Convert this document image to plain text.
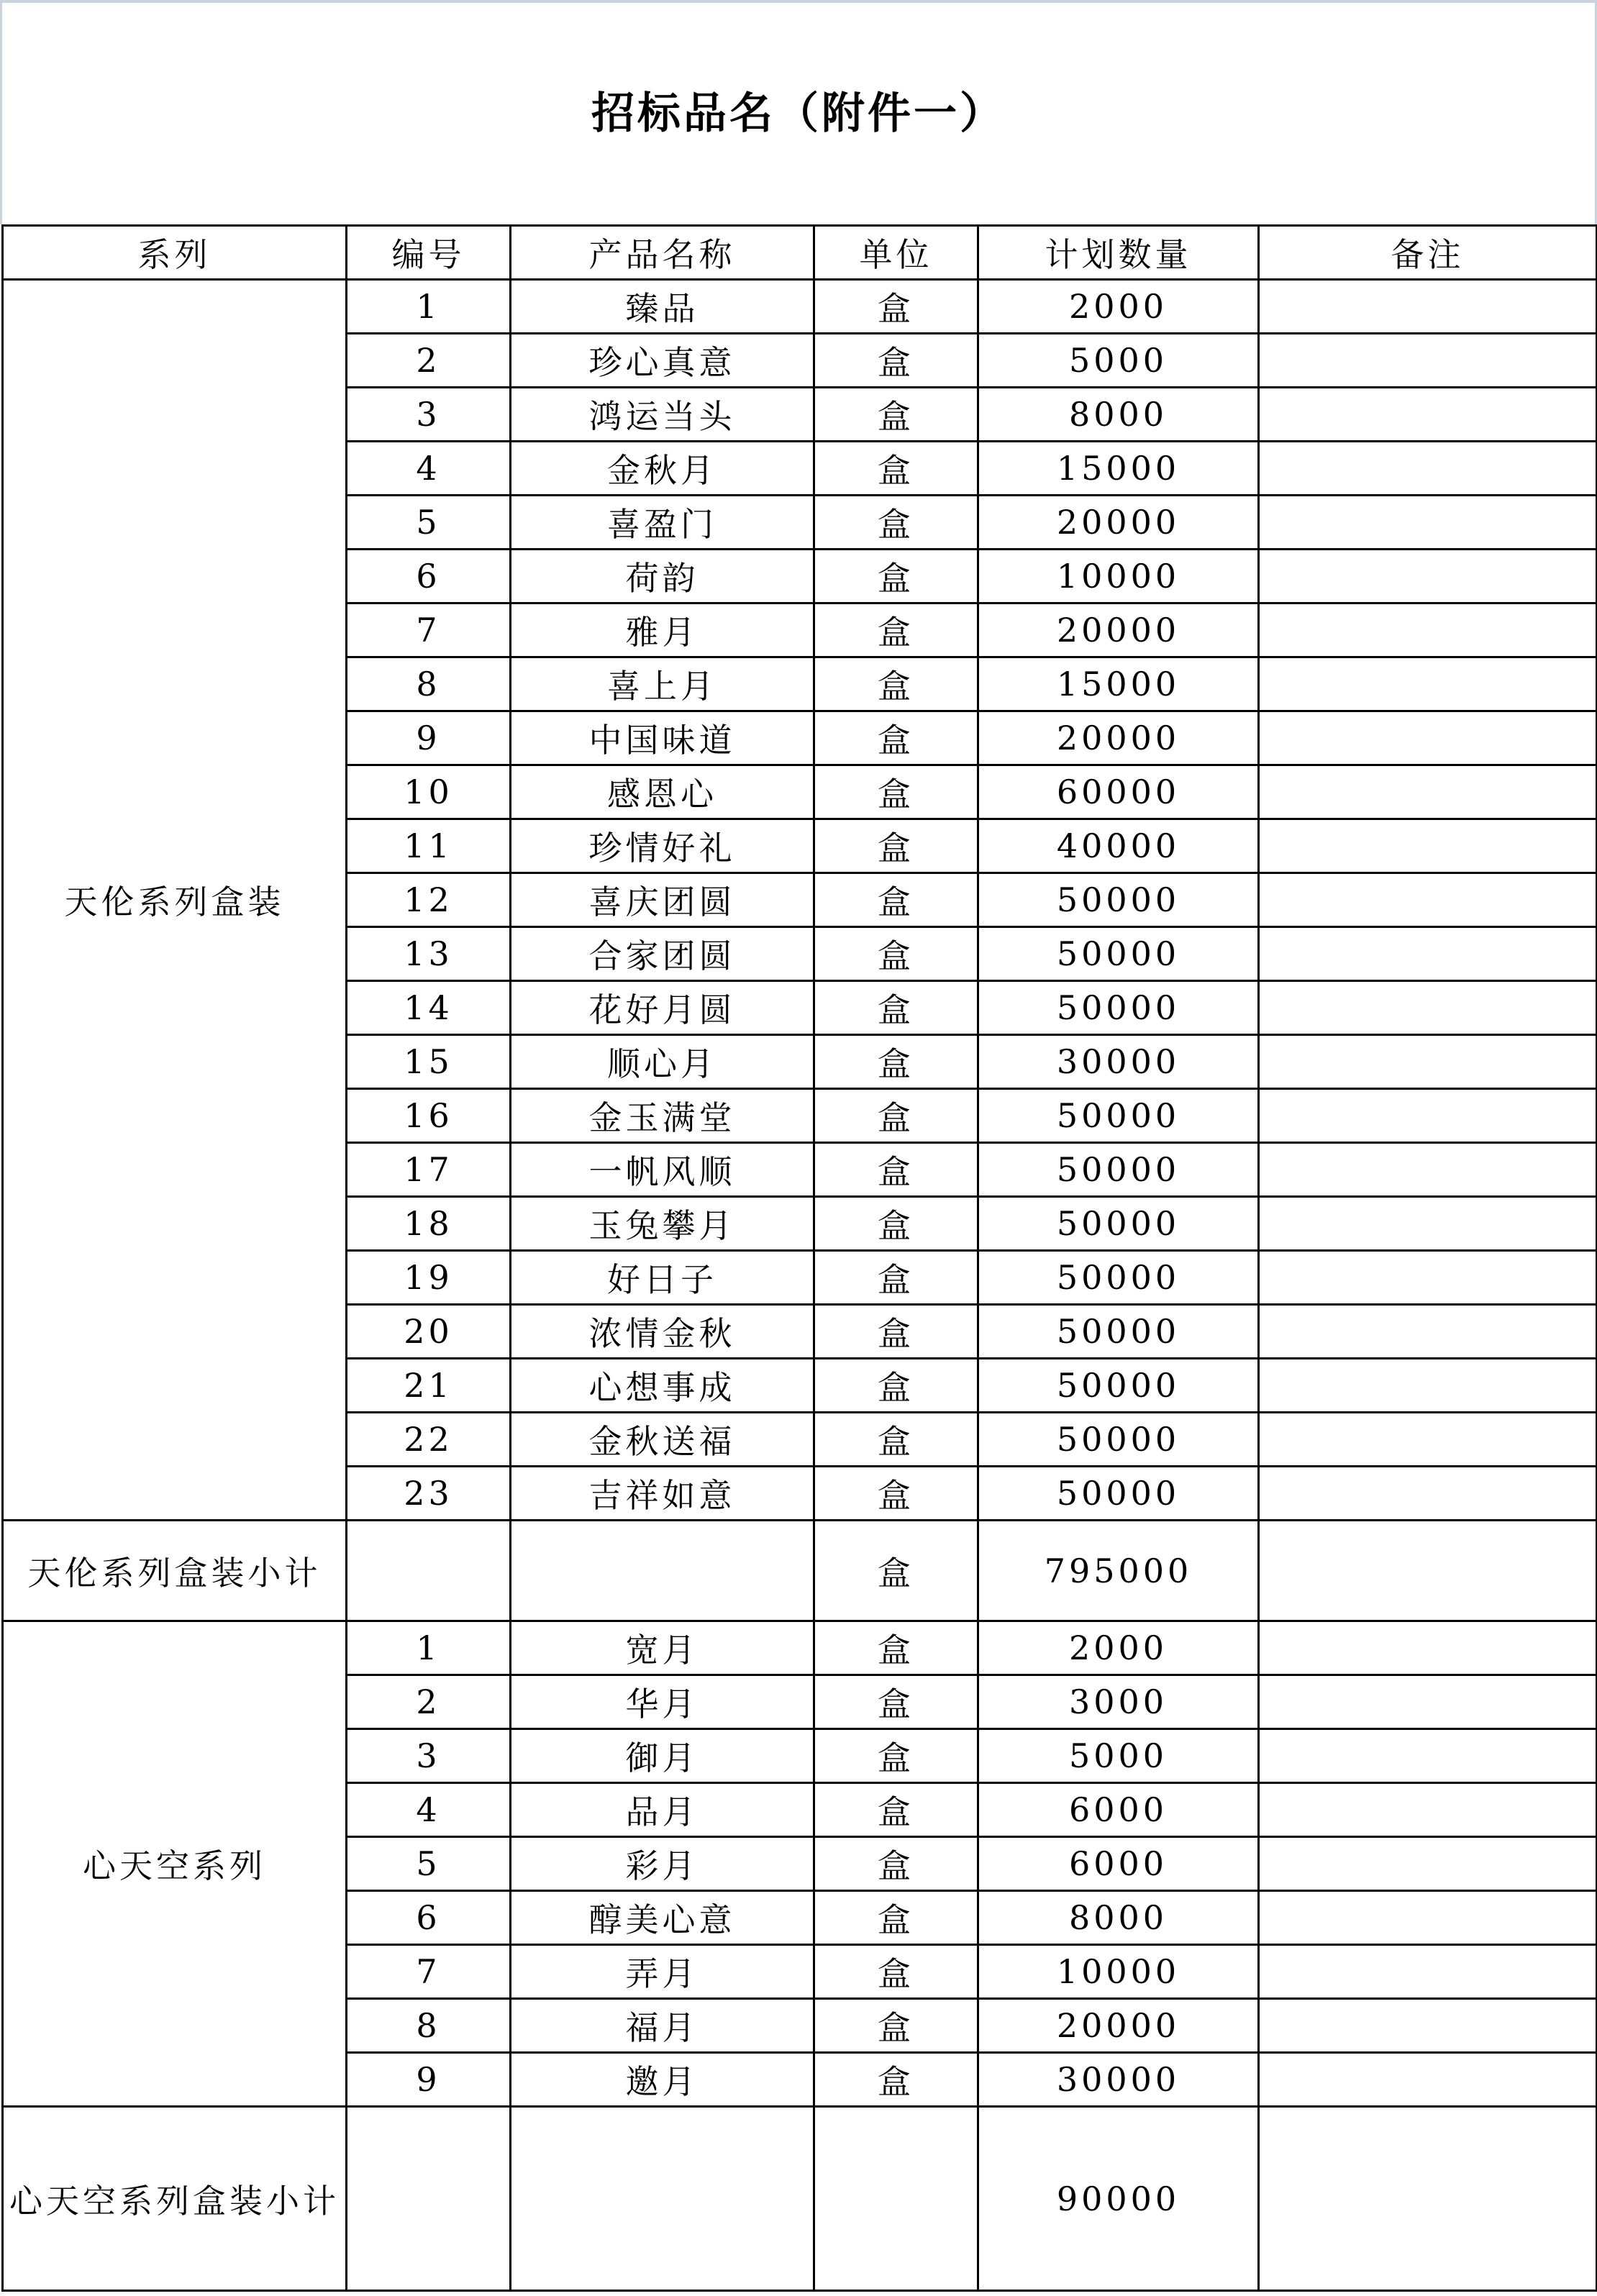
招标品名（附件一）
系列	编号	产品名称	单位	计划数量	备注
天伦系列盒装	1	臻品	盒	2000	
	2	珍心真意	盒	5000	
	3	鸿运当头	盒	8000	
	4	金秋月	盒	15000	
	5	喜盈门	盒	20000	
	6	荷韵	盒	10000	
	7	雅月	盒	20000	
	8	喜上月	盒	15000	
	9	中国味道	盒	20000	
	10	感恩心	盒	60000	
	11	珍情好礼	盒	40000	
	12	喜庆团圆	盒	50000	
	13	合家团圆	盒	50000	
	14	花好月圆	盒	50000	
	15	顺心月	盒	30000	
	16	金玉满堂	盒	50000	
	17	一帆风顺	盒	50000	
	18	玉兔攀月	盒	50000	
	19	好日子	盒	50000	
	20	浓情金秋	盒	50000	
	21	心想事成	盒	50000	
	22	金秋送福	盒	50000	
	23	吉祥如意	盒	50000	
天伦系列盒装小计			盒	795000	
心天空系列	1	宽月	盒	2000	
	2	华月	盒	3000	
	3	御月	盒	5000	
	4	品月	盒	6000	
	5	彩月	盒	6000	
	6	醇美心意	盒	8000	
	7	弄月	盒	10000	
	8	福月	盒	20000	
	9	邀月	盒	30000	
心天空系列盒装小计				90000	
